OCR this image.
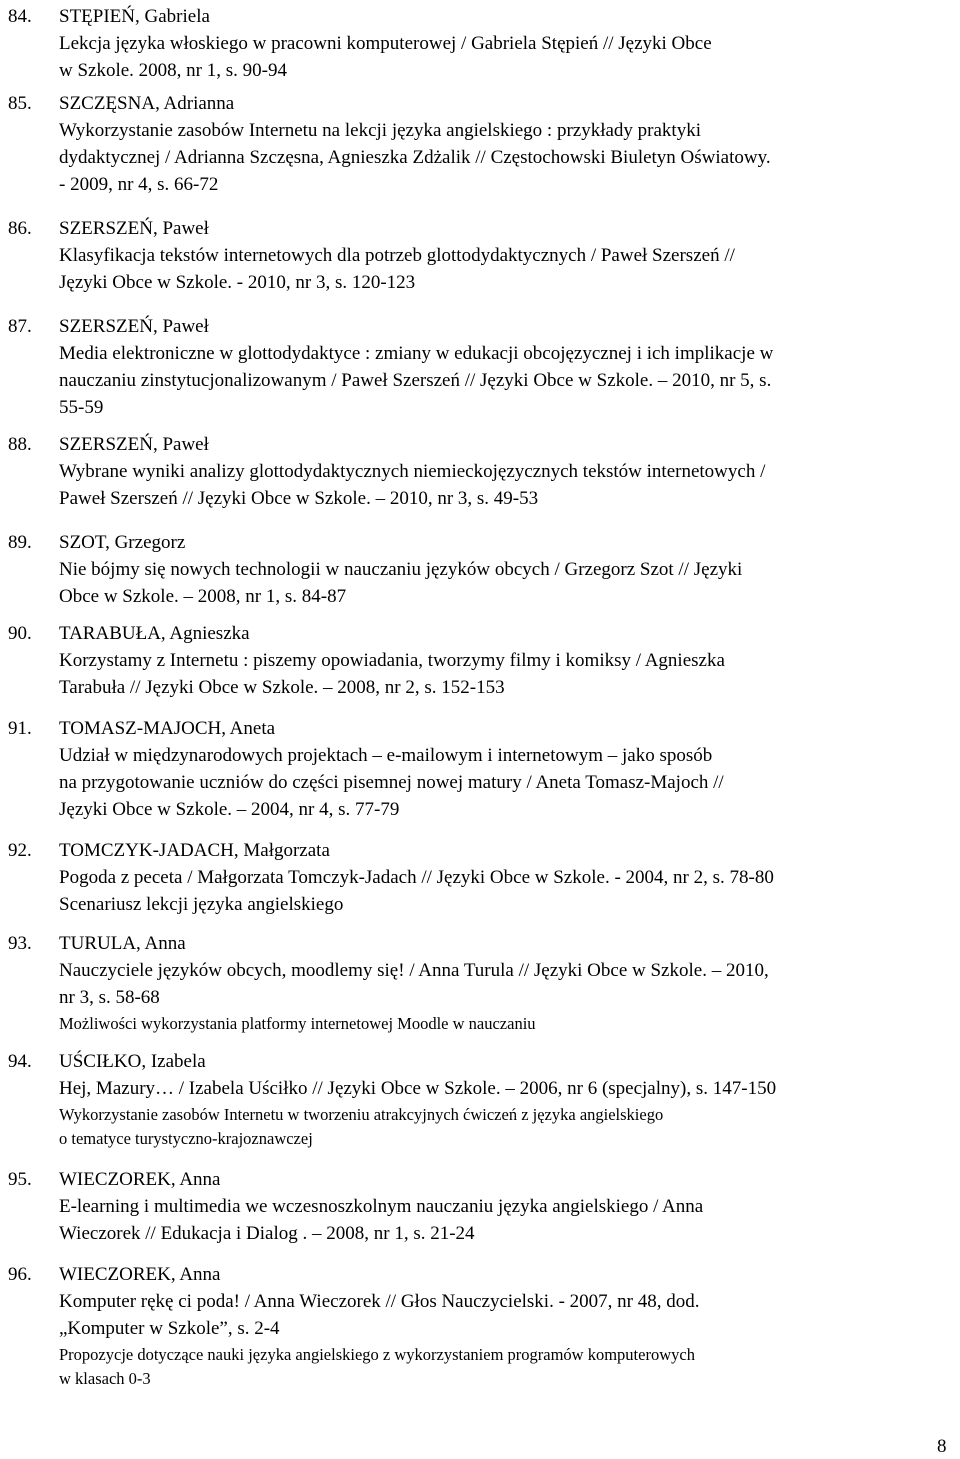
84. STĘPIEŃ, Gabriela
Lekcja języka włoskiego w pracowni komputerowej / Gabriela Stępień // Języki Obce
w Szkole. 2008, nr 1, s. 90-94
85. SZCZĘSNA, Adrianna
Wykorzystanie zasobów Internetu na lekcji języka angielskiego : przykłady praktyki
dydaktycznej / Adrianna Szczęsna, Agnieszka Zdżalik // Częstochowski Biuletyn Oświatowy.
- 2009, nr 4, s. 66-72
86. SZERSZEŃ, Paweł
Klasyfikacja tekstów internetowych dla potrzeb glottodydaktycznych / Paweł Szerszeń //
Języki Obce w Szkole. - 2010, nr 3, s. 120-123
87. SZERSZEŃ, Paweł
Media elektroniczne w glottodydaktyce : zmiany w edukacji obcojęzycznej i ich implikacje w
nauczaniu zinstytucjonalizowanym / Paweł Szerszeń // Języki Obce w Szkole. – 2010, nr 5, s.
55-59
88. SZERSZEŃ, Paweł
Wybrane wyniki analizy glottodydaktycznych niemieckojęzycznych tekstów internetowych /
Paweł Szerszeń // Języki Obce w Szkole. – 2010, nr 3, s. 49-53
89. SZOT, Grzegorz
Nie bójmy się nowych technologii w nauczaniu języków obcych / Grzegorz Szot // Języki
Obce w Szkole. – 2008, nr 1, s. 84-87
90. TARABUŁA, Agnieszka
Korzystamy z Internetu : piszemy opowiadania, tworzymy filmy i komiksy / Agnieszka
Tarabuła // Języki Obce w Szkole. – 2008, nr 2, s. 152-153
91. TOMASZ-MAJOCH, Aneta
Udział w międzynarodowych projektach – e-mailowym i internetowym – jako sposób
na przygotowanie uczniów do części pisemnej nowej matury / Aneta Tomasz-Majoch //
Języki Obce w Szkole. – 2004, nr 4, s. 77-79
92. TOMCZYK-JADACH, Małgorzata
Pogoda z peceta / Małgorzata Tomczyk-Jadach // Języki Obce w Szkole. - 2004, nr 2, s. 78-80
Scenariusz lekcji języka angielskiego
93. TURULA, Anna
Nauczyciele języków obcych, moodlemy się! / Anna Turula // Języki Obce w Szkole. – 2010,
nr 3, s. 58-68
Możliwości wykorzystania platformy internetowej Moodle w nauczaniu
94. UŚCIŁKO, Izabela
Hej, Mazury… / Izabela Uściłko // Języki Obce w Szkole. – 2006, nr 6 (specjalny), s. 147-150
Wykorzystanie zasobów Internetu w tworzeniu atrakcyjnych ćwiczeń z języka angielskiego
o tematyce turystyczno-krajoznawczej
95. WIECZOREK, Anna
E-learning i multimedia we wczesnoszkolnym nauczaniu języka angielskiego / Anna
Wieczorek // Edukacja i Dialog . – 2008, nr 1, s. 21-24
96. WIECZOREK, Anna
Komputer rękę ci poda! / Anna Wieczorek // Głos Nauczycielski. - 2007, nr 48, dod.
„Komputer w Szkole”, s. 2-4
Propozycje dotyczące nauki języka angielskiego z wykorzystaniem programów komputerowych
w klasach 0-3
8
